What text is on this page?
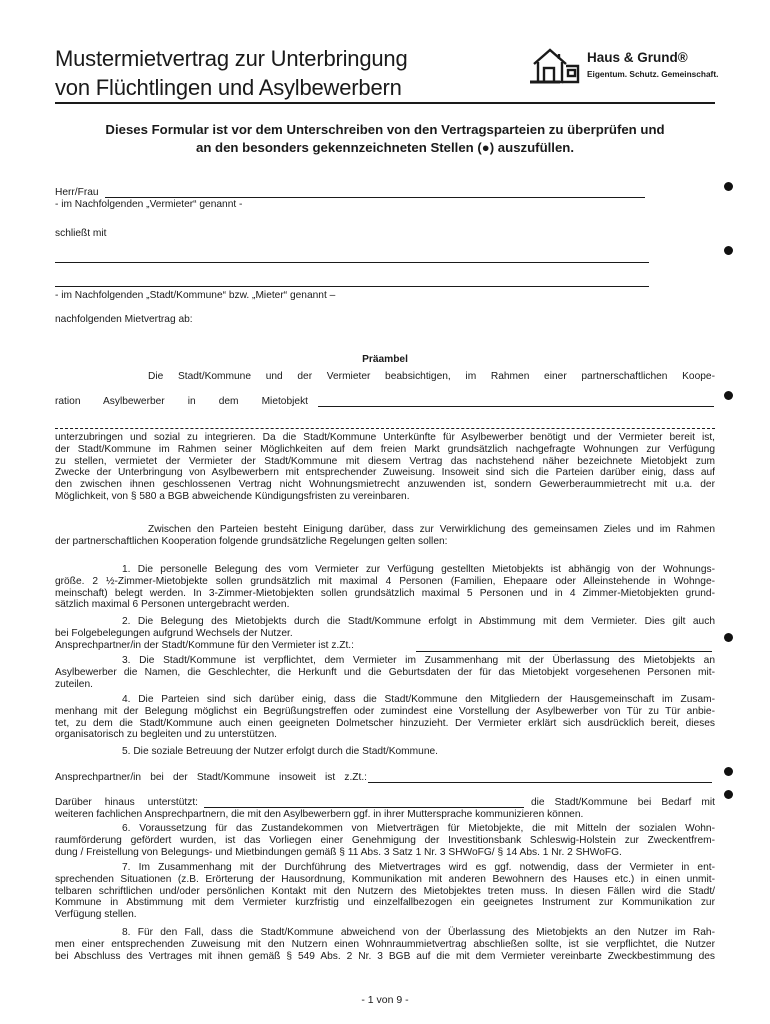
Mustermietvertrag zur Unterbringung
von Flüchtlingen und Asylbewerbern
Haus & Grund®
Eigentum. Schutz. Gemeinschaft.
Dieses Formular ist vor dem Unterschreiben von den Vertragsparteien zu überprüfen und
an den besonders gekennzeichneten Stellen (●) auszufüllen.
Herr/Frau
- im Nachfolgenden „Vermieter“ genannt -
schließt mit
- im Nachfolgenden „Stadt/Kommune“ bzw. „Mieter“ genannt –
nachfolgenden Mietvertrag ab:
Präambel
Die Stadt/Kommune und der Vermieter beabsichtigen, im Rahmen einer partnerschaftlichen Koope-
ration Asylbewerber in dem Mietobjekt
unterzubringen und sozial zu integrieren. Da die Stadt/Kommune Unterkünfte für Asylbewerber benötigt und der Vermieter bereit ist,
der Stadt/Kommune im Rahmen seiner Möglichkeiten auf dem freien Markt grundsätzlich nachgefragte Wohnungen zur Verfügung
zu stellen, vermietet der Vermieter der Stadt/Kommune mit diesem Vertrag das nachstehend näher bezeichnete Mietobjekt zum
Zwecke der Unterbringung von Asylbewerbern mit entsprechender Zuweisung. Insoweit sind sich die Parteien darüber einig, dass auf
den zwischen ihnen geschlossenen Vertrag nicht Wohnungsmietrecht anzuwenden ist, sondern Gewerberaummietrecht mit u.a. der
Möglichkeit, von § 580 a BGB abweichende Kündigungsfristen zu vereinbaren.
Zwischen den Parteien besteht Einigung darüber, dass zur Verwirklichung des gemeinsamen Zieles und im Rahmen
der partnerschaftlichen Kooperation folgende grundsätzliche Regelungen gelten sollen:
1. Die personelle Belegung des vom Vermieter zur Verfügung gestellten Mietobjekts ist abhängig von der Wohnungs-
größe. 2 ½-Zimmer-Mietobjekte sollen grundsätzlich mit maximal 4 Personen (Familien, Ehepaare oder Alleinstehende in Wohnge-
meinschaft) belegt werden. In 3-Zimmer-Mietobjekten sollen grundsätzlich maximal 5 Personen und in 4 Zimmer-Mietobjekten grund-
sätzlich maximal 6 Personen untergebracht werden.
2. Die Belegung des Mietobjekts durch die Stadt/Kommune erfolgt in Abstimmung mit dem Vermieter. Dies gilt auch
bei Folgebelegungen aufgrund Wechsels der Nutzer.
Ansprechpartner/in der Stadt/Kommune für den Vermieter ist z.Zt.:
3. Die Stadt/Kommune ist verpflichtet, dem Vermieter im Zusammenhang mit der Überlassung des Mietobjekts an
Asylbewerber die Namen, die Geschlechter, die Herkunft und die Geburtsdaten der für das Mietobjekt vorgesehenen Personen mit-
zuteilen.
4. Die Parteien sind sich darüber einig, dass die Stadt/Kommune den Mitgliedern der Hausgemeinschaft im Zusam-
menhang mit der Belegung möglichst ein Begrüßungstreffen oder zumindest eine Vorstellung der Asylbewerber von Tür zu Tür anbie-
tet, zu dem die Stadt/Kommune auch einen geeigneten Dolmetscher hinzuzieht. Der Vermieter erklärt sich ausdrücklich bereit, dieses
organisatorisch zu begleiten und zu unterstützen.
5. Die soziale Betreuung der Nutzer erfolgt durch die Stadt/Kommune.
Ansprechpartner/in bei der Stadt/Kommune insoweit ist z.Zt.:
Darüber hinaus unterstützt:	die Stadt/Kommune bei Bedarf mit
weiteren fachlichen Ansprechpartnern, die mit den Asylbewerbern ggf. in ihrer Muttersprache kommunizieren können.
6. Voraussetzung für das Zustandekommen von Mietverträgen für Mietobjekte, die mit Mitteln der sozialen Wohn-
raumförderung gefördert wurden, ist das Vorliegen einer Genehmigung der Investitionsbank Schleswig-Holstein zur Zweckentfrem-
dung / Freistellung von Belegungs- und Mietbindungen gemäß § 11 Abs. 3 Satz 1 Nr. 3 SHWoFG/ § 14 Abs. 1 Nr. 2 SHWoFG.
7. Im Zusammenhang mit der Durchführung des Mietvertrages wird es ggf. notwendig, dass der Vermieter in ent-
sprechenden Situationen (z.B. Erörterung der Hausordnung, Kommunikation mit anderen Bewohnern des Hauses etc.) in einen unmit-
telbaren schriftlichen und/oder persönlichen Kontakt mit den Nutzern des Mietobjektes treten muss. In diesen Fällen wird die Stadt/
Kommune in Abstimmung mit dem Vermieter kurzfristig und einzelfallbezogen ein geeignetes Instrument zur Kommunikation zur
Verfügung stellen.
8. Für den Fall, dass die Stadt/Kommune abweichend von der Überlassung des Mietobjekts an den Nutzer im Rah-
men einer entsprechenden Zuweisung mit den Nutzern einen Wohnraummietvertrag abschließen sollte, ist sie verpflichtet, die Nutzer
bei Abschluss des Vertrages mit ihnen gemäß § 549 Abs. 2 Nr. 3 BGB auf die mit dem Vermieter vereinbarte Zweckbestimmung des
- 1 von 9 -
